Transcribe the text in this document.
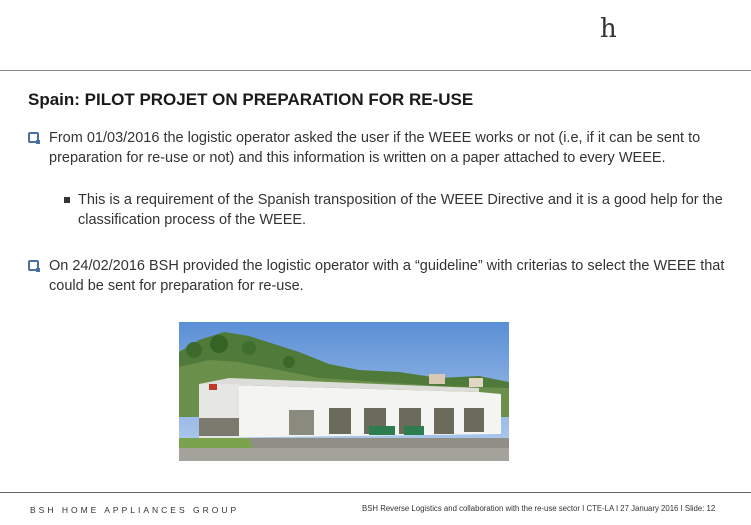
h
Spain: PILOT PROJET ON PREPARATION FOR RE-USE
From 01/03/2016 the logistic operator asked the user if the WEEE works or not (i.e, if it can be sent to preparation for re-use or not) and this information is written on a paper attached to every WEEE.
This is a requirement of the Spanish transposition of the WEEE Directive and it is a good help for the classification process of the WEEE.
On 24/02/2016 BSH provided the logistic operator with a “guideline” with criterias to select the WEEE that could be sent for preparation for re-use.
BSH HOME APPLIANCES GROUP	BSH Reverse Logistics and collaboration with the re-use sector I CTE-LA I 27 January 2016 I Slide: 12
